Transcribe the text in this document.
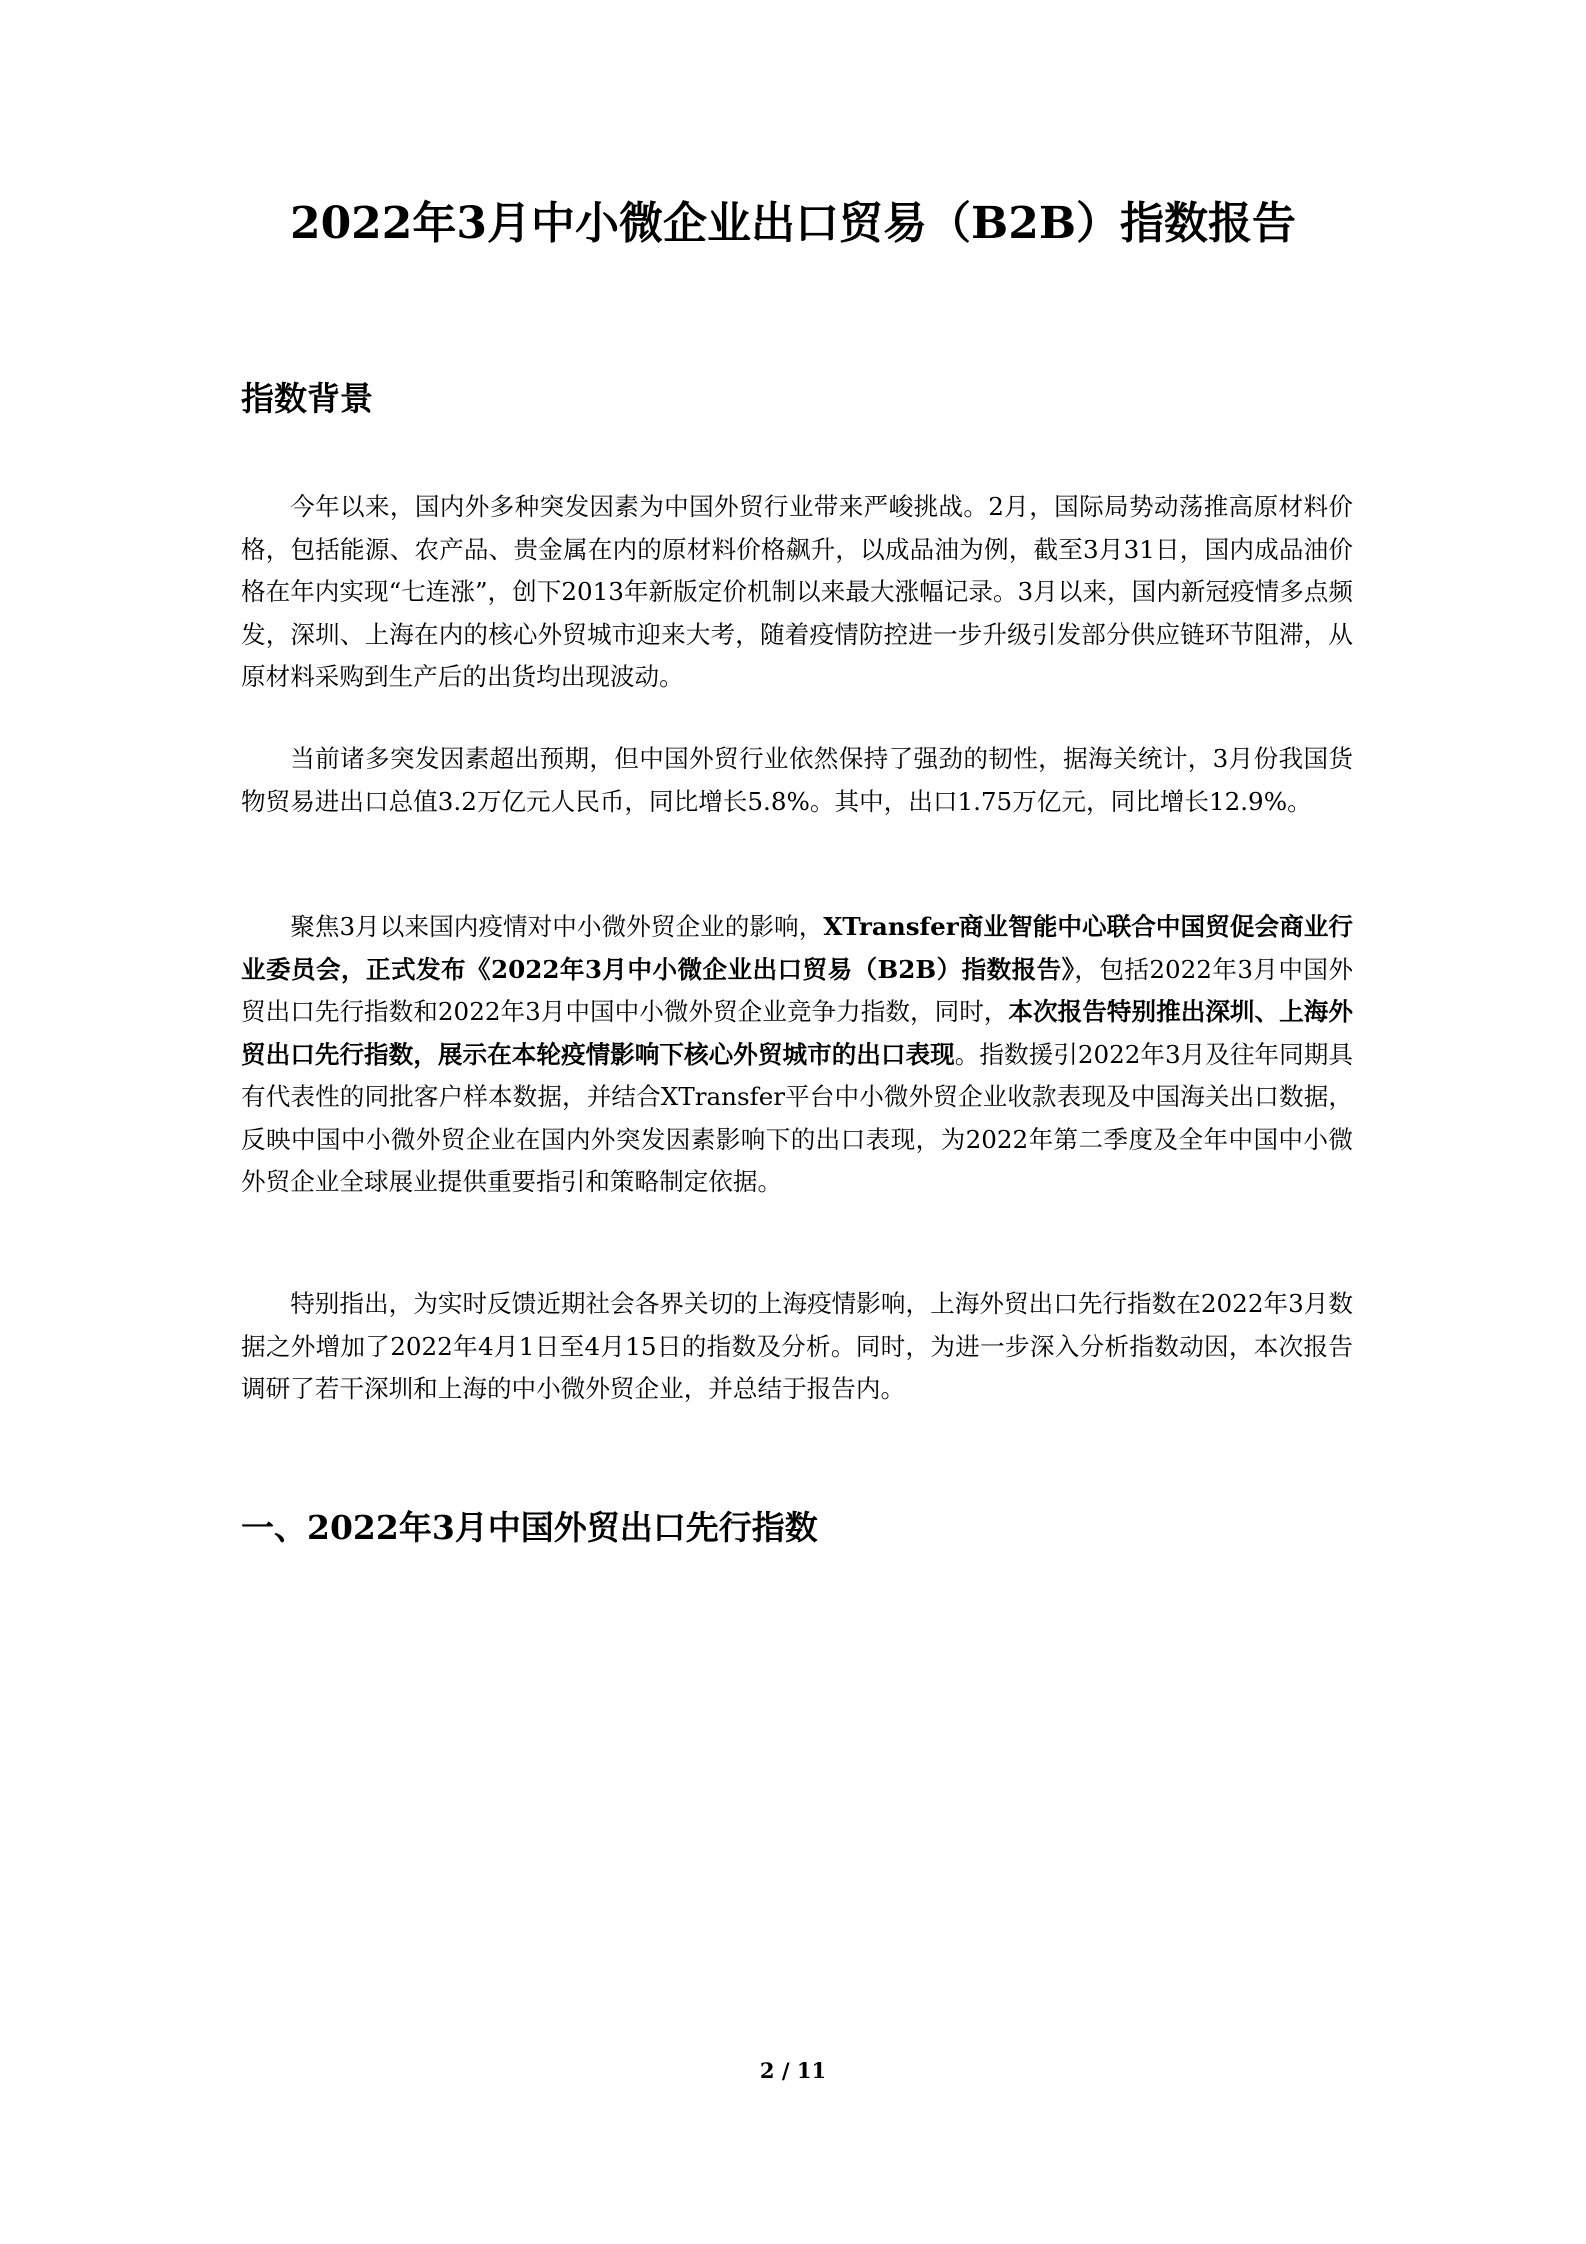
2022年3月中小微企业出口贸易（B2B）指数报告
指数背景

今年以来，国内外多种突发因素为中国外贸行业带来严峻挑战。2月，国际局势动荡推高原材料价格，包括能源、农产品、贵金属在内的原材料价格飙升，以成品油为例，截至3月31日，国内成品油价格在年内实现“七连涨”，创下2013年新版定价机制以来最大涨幅记录。3月以来，国内新冠疫情多点频发，深圳、上海在内的核心外贸城市迎来大考，随着疫情防控进一步升级引发部分供应链环节阻滞，从原材料采购到生产后的出货均出现波动。

当前诸多突发因素超出预期，但中国外贸行业依然保持了强劲的韧性，据海关统计，3月份我国货物贸易进出口总值3.2万亿元人民币，同比增长5.8%。其中，出口1.75万亿元，同比增长12.9%。

聚焦3月以来国内疫情对中小微外贸企业的影响，XTransfer商业智能中心联合中国贸促会商业行业委员会，正式发布《2022年3月中小微企业出口贸易（B2B）指数报告》，包括2022年3月中国外贸出口先行指数和2022年3月中国中小微外贸企业竞争力指数，同时，本次报告特别推出深圳、上海外贸出口先行指数，展示在本轮疫情影响下核心外贸城市的出口表现。指数援引2022年3月及往年同期具有代表性的同批客户样本数据，并结合XTransfer平台中小微外贸企业收款表现及中国海关出口数据，反映中国中小微外贸企业在国内外突发因素影响下的出口表现，为2022年第二季度及全年中国中小微外贸企业全球展业提供重要指引和策略制定依据。

特别指出，为实时反馈近期社会各界关切的上海疫情影响，上海外贸出口先行指数在2022年3月数据之外增加了2022年4月1日至4月15日的指数及分析。同时，为进一步深入分析指数动因，本次报告调研了若干深圳和上海的中小微外贸企业，并总结于报告内。

一、2022年3月中国外贸出口先行指数
2 / 11
